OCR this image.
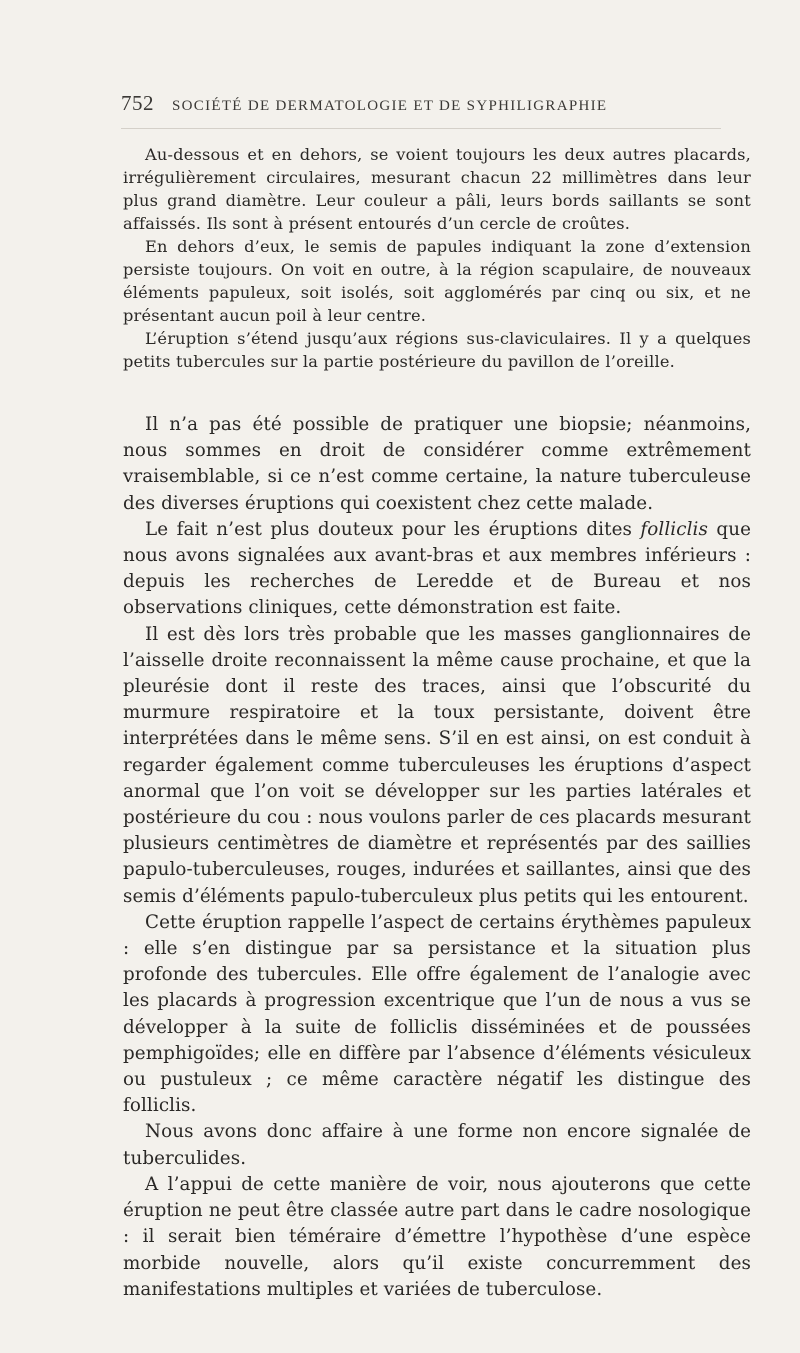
752 SOCIÉTÉ DE DERMATOLOGIE ET DE SYPHILIGRAPHIE

Au-dessous et en dehors, se voient toujours les deux autres placards, irrégulièrement circulaires, mesurant chacun 22 millimètres dans leur plus grand diamètre. Leur couleur a pâli, leurs bords saillants se sont affaissés. Ils sont à présent entourés d’un cercle de croûtes.

En dehors d’eux, le semis de papules indiquant la zone d’extension persiste toujours. On voit en outre, à la région scapulaire, de nouveaux éléments papuleux, soit isolés, soit agglomérés par cinq ou six, et ne présentant aucun poil à leur centre.

L’éruption s’étend jusqu’aux régions sus-claviculaires. Il y a quelques petits tubercules sur la partie postérieure du pavillon de l’oreille.

Il n’a pas été possible de pratiquer une biopsie; néanmoins, nous sommes en droit de considérer comme extrêmement vraisemblable, si ce n’est comme certaine, la nature tuberculeuse des diverses éruptions qui coexistent chez cette malade.

Le fait n’est plus douteux pour les éruptions dites folliclis que nous avons signalées aux avant-bras et aux membres inférieurs : depuis les recherches de Leredde et de Bureau et nos observations cliniques, cette démonstration est faite.

Il est dès lors très probable que les masses ganglionnaires de l’aisselle droite reconnaissent la même cause prochaine, et que la pleurésie dont il reste des traces, ainsi que l’obscurité du murmure respiratoire et la toux persistante, doivent être interprétées dans le même sens. S’il en est ainsi, on est conduit à regarder également comme tuberculeuses les éruptions d’aspect anormal que l’on voit se développer sur les parties latérales et postérieure du cou : nous voulons parler de ces placards mesurant plusieurs centimètres de diamètre et représentés par des saillies papulo-tuberculeuses, rouges, indurées et saillantes, ainsi que des semis d’éléments papulo-tuberculeux plus petits qui les entourent.

Cette éruption rappelle l’aspect de certains érythèmes papuleux : elle s’en distingue par sa persistance et la situation plus profonde des tubercules. Elle offre également de l’analogie avec les placards à progression excentrique que l’un de nous a vus se développer à la suite de folliclis disséminées et de poussées pemphigoïdes; elle en diffère par l’absence d’éléments vésiculeux ou pustuleux ; ce même caractère négatif les distingue des folliclis.

Nous avons donc affaire à une forme non encore signalée de tuberculides.

A l’appui de cette manière de voir, nous ajouterons que cette éruption ne peut être classée autre part dans le cadre nosologique : il serait bien téméraire d’émettre l’hypothèse d’une espèce morbide nouvelle, alors qu’il existe concurremment des manifestations multiples et variées de tuberculose.
